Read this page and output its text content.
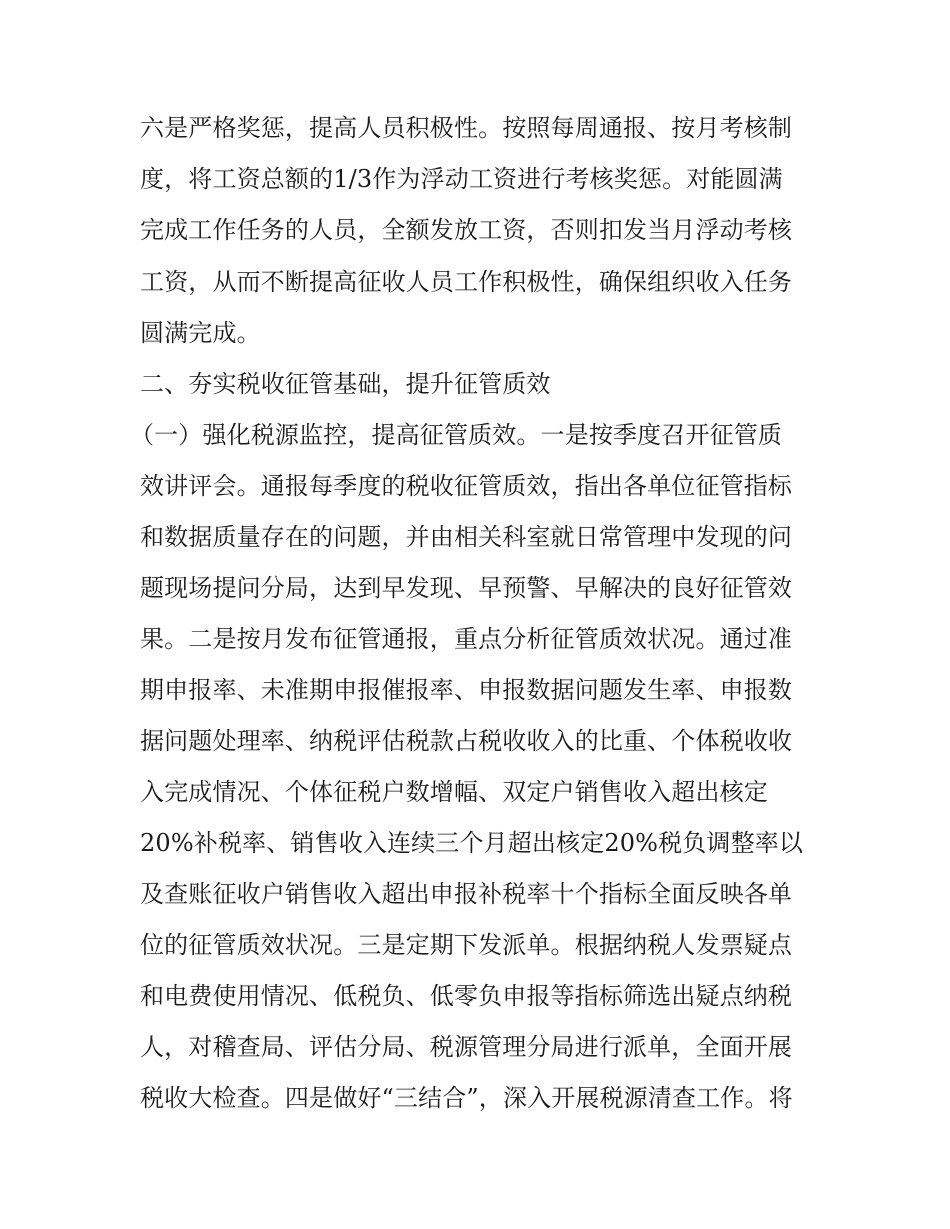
六是严格奖惩，提高人员积极性。按照每周通报、按月考核制
度，将工资总额的1/3作为浮动工资进行考核奖惩。对能圆满
完成工作任务的人员，全额发放工资，否则扣发当月浮动考核
工资，从而不断提高征收人员工作积极性，确保组织收入任务
圆满完成。
二、夯实税收征管基础，提升征管质效
（一）强化税源监控，提高征管质效。一是按季度召开征管质
效讲评会。通报每季度的税收征管质效，指出各单位征管指标
和数据质量存在的问题，并由相关科室就日常管理中发现的问
题现场提问分局，达到早发现、早预警、早解决的良好征管效
果。二是按月发布征管通报，重点分析征管质效状况。通过准
期申报率、未准期申报催报率、申报数据问题发生率、申报数
据问题处理率、纳税评估税款占税收收入的比重、个体税收收
入完成情况、个体征税户数增幅、双定户销售收入超出核定
20%补税率、销售收入连续三个月超出核定20%税负调整率以
及查账征收户销售收入超出申报补税率十个指标全面反映各单
位的征管质效状况。三是定期下发派单。根据纳税人发票疑点
和电费使用情况、低税负、低零负申报等指标筛选出疑点纳税
人，对稽查局、评估分局、税源管理分局进行派单，全面开展
税收大检查。四是做好“三结合”，深入开展税源清查工作。将
